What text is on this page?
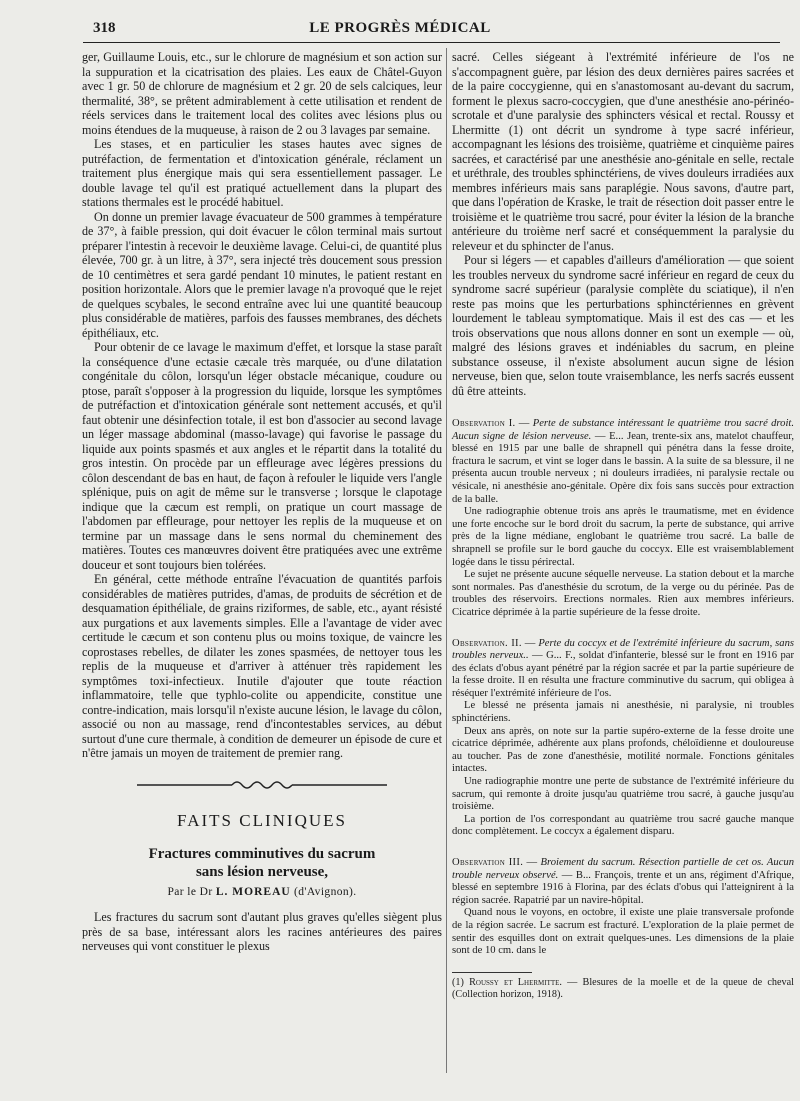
318	LE PROGRÈS MÉDICAL

ger, Guillaume Louis, etc., sur le chlorure de magnésium et son action sur la suppuration et la cicatrisation des plaies. Les eaux de Châtel-Guyon avec 1 gr. 50 de chlorure de magnésium et 2 gr. 20 de sels calciques, leur thermalité, 38°, se prêtent admirablement à cette utilisation et rendent de réels services dans le traitement local des colites avec lésions plus ou moins étendues de la muqueuse, à raison de 2 ou 3 lavages par semaine.

Les stases, et en particulier les stases hautes avec signes de putréfaction, de fermentation et d'intoxication générale, réclament un traitement plus énergique mais qui sera essentiellement passager. Le double lavage tel qu'il est pratiqué actuellement dans la plupart des stations thermales est le procédé habituel.

On donne un premier lavage évacuateur de 500 grammes à température de 37°, à faible pression, qui doit évacuer le côlon terminal mais surtout préparer l'intestin à recevoir le deuxième lavage. Celui-ci, de quantité plus élevée, 700 gr. à un litre, à 37°, sera injecté très doucement sous pression de 10 centimètres et sera gardé pendant 10 minutes, le patient restant en position horizontale. Alors que le premier lavage n'a provoqué que le rejet de quelques scybales, le second entraîne avec lui une quantité beaucoup plus considérable de matières, parfois des fausses membranes, des déchets épithéliaux, etc.

Pour obtenir de ce lavage le maximum d'effet, et lorsque la stase paraît la conséquence d'une ectasie cæcale très marquée, ou d'une dilatation congénitale du côlon, lorsqu'un léger obstacle mécanique, coudure ou ptose, paraît s'opposer à la progression du liquide, lorsque les symptômes de putréfaction et d'intoxication générale sont nettement accusés, et qu'il faut obtenir une désinfection totale, il est bon d'associer au second lavage un léger massage abdominal (masso-lavage) qui favorise le passage du liquide aux points spasmés et aux angles et le répartit dans la totalité du gros intestin. On procède par un effleurage avec légères pressions du côlon descendant de bas en haut, de façon à refouler le liquide vers l'angle splénique, puis on agit de même sur le transverse ; lorsque le clapotage indique que la cæcum est rempli, on pratique un court massage de l'abdomen par effleurage, pour nettoyer les replis de la muqueuse et on termine par un massage dans le sens normal du cheminement des matières. Toutes ces manœuvres doivent être pratiquées avec une extrême douceur et sont toujours bien tolérées.

En général, cette méthode entraîne l'évacuation de quantités parfois considérables de matières putrides, d'amas, de produits de sécrétion et de desquamation épithéliale, de grains riziformes, de sable, etc., ayant résisté aux purgations et aux lavements simples. Elle a l'avantage de vider avec certitude le cæcum et son contenu plus ou moins toxique, de vaincre les coprostases rebelles, de dilater les zones spasmées, de nettoyer tous les replis de la muqueuse et d'arriver à atténuer très rapidement les symptômes toxi-infectieux. Inutile d'ajouter que toute réaction inflammatoire, telle que typhlo-colite ou appendicite, constitue une contre-indication, mais lorsqu'il n'existe aucune lésion, le lavage du côlon, associé ou non au massage, rend d'incontestables services, au début surtout d'une cure thermale, à condition de demeurer un épisode de cure et n'être jamais un moyen de traitement de premier rang.

FAITS CLINIQUES
Fractures comminutives du sacrum
sans lésion nerveuse,
Par le Dr L. MOREAU (d'Avignon).

Les fractures du sacrum sont d'autant plus graves qu'elles siègent plus près de sa base, intéressant alors les racines antérieures des paires nerveuses qui vont constituer le plexus

sacré. Celles siégeant à l'extrémité inférieure de l'os ne s'accompagnent guère, par lésion des deux dernières paires sacrées et de la paire coccygienne, qui en s'anastomosant au-devant du sacrum, forment le plexus sacro-coccygien, que d'une anesthésie ano-périnéo-scrotale et d'une paralysie des sphincters vésical et rectal. Roussy et Lhermitte (1) ont décrit un syndrome à type sacré inférieur, accompagnant les lésions des troisième, quatrième et cinquième paires sacrées, et caractérisé par une anesthésie ano-génitale en selle, rectale et uréthrale, des troubles sphinctériens, de vives douleurs irradiées aux membres inférieurs mais sans paraplégie. Nous savons, d'autre part, que dans l'opération de Kraske, le trait de résection doit passer entre le troisième et le quatrième trou sacré, pour éviter la lésion de la branche antérieure du troième nerf sacré et conséquemment la paralysie du releveur et du sphincter de l'anus.

Pour si légers — et capables d'ailleurs d'amélioration — que soient les troubles nerveux du syndrome sacré inférieur en regard de ceux du syndrome sacré supérieur (paralysie complète du sciatique), il n'en reste pas moins que les perturbations sphinctériennes en grèvent lourdement le tableau symptomatique. Mais il est des cas — et les trois observations que nous allons donner en sont un exemple — où, malgré des lésions graves et indéniables du sacrum, en pleine substance osseuse, il n'existe absolument aucun signe de lésion nerveuse, bien que, selon toute vraisemblance, les nerfs sacrés eussent dû être atteints.

Observation I. — Perte de substance intéressant le quatrième trou sacré droit. Aucun signe de lésion nerveuse. — E... Jean, trente-six ans, matelot chauffeur, blessé en 1915 par une balle de shrapnell qui pénétra dans la fesse droite, fractura le sacrum, et vint se loger dans le bassin. A la suite de sa blessure, il ne présenta aucun trouble nerveux ; ni douleurs irradiées, ni paralysie rectale ou vésicale, ni anesthésie ano-génitale. Opère dix fois sans succès pour extraction de la balle.

Une radiographie obtenue trois ans après le traumatisme, met en évidence une forte encoche sur le bord droit du sacrum, la perte de substance, qui arrive près de la ligne médiane, englobant le quatrième trou sacré. La balle de shrapnell se profile sur le bord gauche du coccyx. Elle est vraisemblablement logée dans le tissu périrectal.

Le sujet ne présente aucune séquelle nerveuse. La station debout et la marche sont normales. Pas d'anesthésie du scrotum, de la verge ou du périnée. Pas de troubles des réservoirs. Erections normales. Rien aux membres inférieurs. Cicatrice déprimée à la partie supérieure de la fesse droite.

Observation. II. — Perte du coccyx et de l'extrémité inférieure du sacrum, sans troubles nerveux.. — G... F., soldat d'infanterie, blessé sur le front en 1916 par des éclats d'obus ayant pénétré par la région sacrée et par la partie supérieure de la fesse droite. Il en résulta une fracture comminutive du sacrum, qui obligea à réséquer l'extrémité inférieure de l'os.

Le blessé ne présenta jamais ni anesthésie, ni paralysie, ni troubles sphinctériens.

Deux ans après, on note sur la partie supéro-externe de la fesse droite une cicatrice déprimée, adhérente aux plans profonds, chéloïdienne et douloureuse au toucher. Pas de zone d'anesthésie, motilité normale. Fonctions génitales intactes.

Une radiographie montre une perte de substance de l'extrémité inférieure du sacrum, qui remonte à droite jusqu'au quatrième trou sacré, à gauche jusqu'au troisième.

La portion de l'os correspondant au quatrième trou sacré gauche manque donc complètement. Le coccyx a également disparu.

Observation III. — Broiement du sacrum. Résection partielle de cet os. Aucun trouble nerveux observé. — B... François, trente et un ans, régiment d'Afrique, blessé en septembre 1916 à Florina, par des éclats d'obus qui l'atteignirent à la région sacrée. Rapatrié par un navire-hôpital.

Quand nous le voyons, en octobre, il existe une plaie transversale profonde de la région sacrée. Le sacrum est fracturé. L'exploration de la plaie permet de sentir des esquilles dont on extrait quelques-unes. Les dimensions de la plaie sont de 10 cm. dans le

(1) Roussy et Lhermitte. — Blesures de la moelle et de la queue de cheval (Collection horizon, 1918).
